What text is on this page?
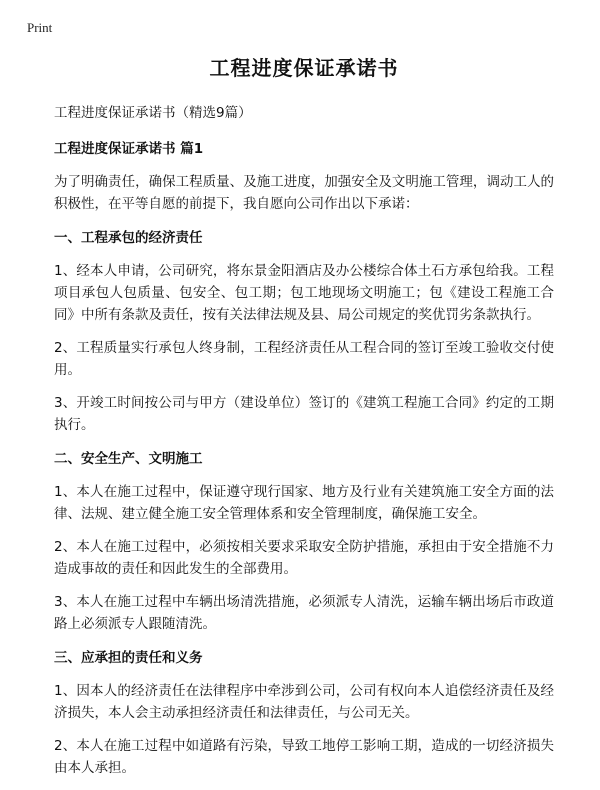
Print
工程进度保证承诺书

工程进度保证承诺书（精选9篇）

工程进度保证承诺书 篇1

为了明确责任，确保工程质量、及施工进度，加强安全及文明施工管理，调动工人的积极性，在平等自愿的前提下，我自愿向公司作出以下承诺：

一、工程承包的经济责任

1、经本人申请，公司研究，将东景金阳酒店及办公楼综合体土石方承包给我。工程项目承包人包质量、包安全、包工期；包工地现场文明施工；包《建设工程施工合同》中所有条款及责任，按有关法律法规及县、局公司规定的奖优罚劣条款执行。

2、工程质量实行承包人终身制，工程经济责任从工程合同的签订至竣工验收交付使用。

3、开竣工时间按公司与甲方（建设单位）签订的《建筑工程施工合同》约定的工期执行。

二、安全生产、文明施工

1、本人在施工过程中，保证遵守现行国家、地方及行业有关建筑施工安全方面的法律、法规、建立健全施工安全管理体系和安全管理制度，确保施工安全。

2、本人在施工过程中，必须按相关要求采取安全防护措施，承担由于安全措施不力造成事故的责任和因此发生的全部费用。

3、本人在施工过程中车辆出场清洗措施，必须派专人清洗，运输车辆出场后市政道路上必须派专人跟随清洗。

三、应承担的责任和义务

1、因本人的经济责任在法律程序中牵涉到公司，公司有权向本人追偿经济责任及经济损失，本人会主动承担经济责任和法律责任，与公司无关。

2、本人在施工过程中如道路有污染，导致工地停工影响工期，造成的一切经济损失由本人承担。
